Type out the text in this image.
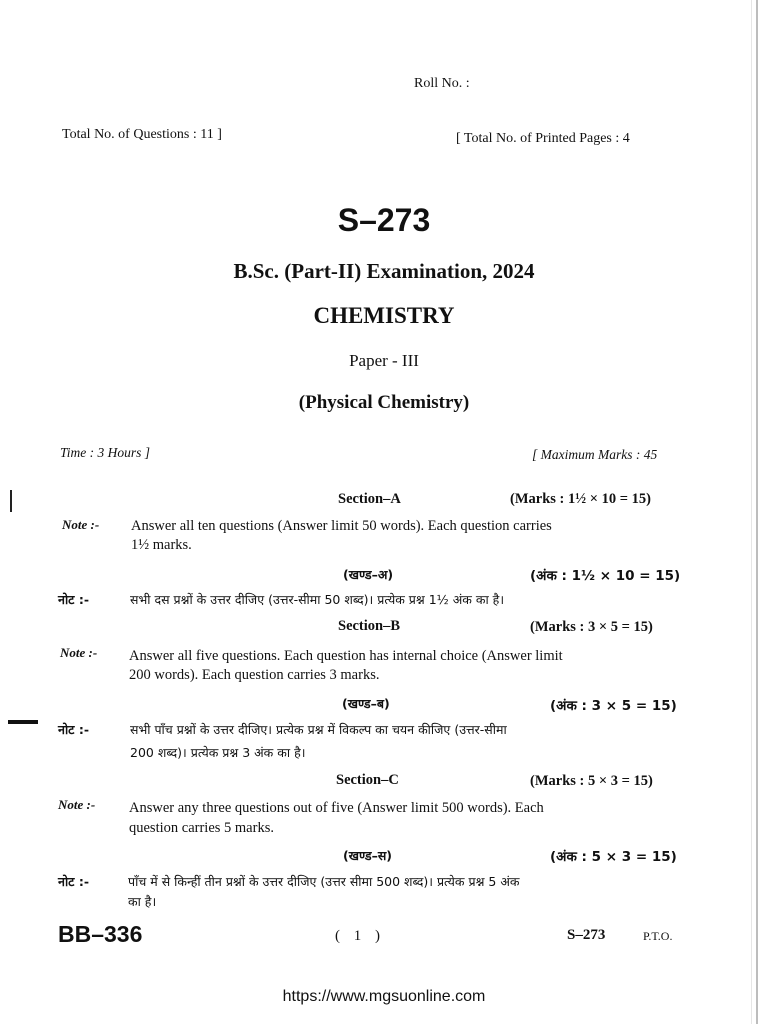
Roll No. :
Total No. of Questions : 11 ]	[ Total No. of Printed Pages : 4
S–273
B.Sc. (Part-II) Examination, 2024
CHEMISTRY
Paper - III
(Physical Chemistry)
Time : 3 Hours ]	[ Maximum Marks : 45
Section–A	(Marks : 1½ × 10 = 15)
Note :- Answer all ten questions (Answer limit 50 words). Each question carries
1½ marks.
(खण्ड–अ)	(अंक : 1½ × 10 = 15)
नोट :-	सभी दस प्रश्नों के उत्तर दीजिए (उत्तर-सीमा 50 शब्द)। प्रत्येक प्रश्न 1½ अंक का है।
Section–B	(Marks : 3 × 5 = 15)
Note :- Answer all five questions. Each question has internal choice (Answer limit
200 words). Each question carries 3 marks.
(खण्ड–ब)	(अंक : 3 × 5 = 15)
नोट :-	सभी पाँच प्रश्नों के उत्तर दीजिए। प्रत्येक प्रश्न में विकल्प का चयन कीजिए (उत्तर-सीमा
200 शब्द)। प्रत्येक प्रश्न 3 अंक का है।
Section–C	(Marks : 5 × 3 = 15)
Note :- Answer any three questions out of five (Answer limit 500 words). Each
question carries 5 marks.
(खण्ड–स)	(अंक : 5 × 3 = 15)
नोट :-	पाँच में से किन्हीं तीन प्रश्नों के उत्तर दीजिए (उत्तर सीमा 500 शब्द)। प्रत्येक प्रश्न 5 अंक
का है।
BB–336	( 1 )	S–273	P.T.O.
https://www.mgsuonline.com
